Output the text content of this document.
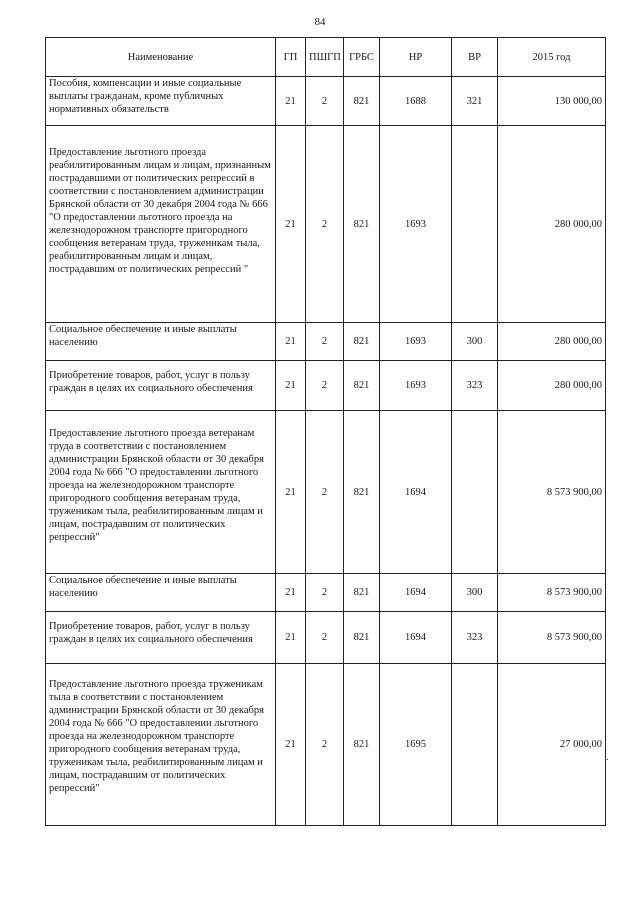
84
Наименование	ГП	ПШГП	ГРБС	НР	ВР	2015 год
Пособия, компенсации и иные социальные выплаты гражданам, кроме публичных нормативных обязательств	21	2	821	1688	321	130 000,00
Предоставление льготного проезда реабилитированным лицам и лицам, признанным пострадавшими от политических репрессий в соответствии с постановлением администрации Брянской области от 30 декабря 2004 года № 666 "О предоставлении льготного проезда на железнодорожном транспорте пригородного сообщения ветеранам труда, труженикам тыла, реабилитированным лицам и лицам, пострадавшим от политических репрессий "	21	2	821	1693		280 000,00
Социальное обеспечение и иные выплаты населению	21	2	821	1693	300	280 000,00
Приобретение товаров, работ, услуг в пользу граждан в целях их социального обеспечения	21	2	821	1693	323	280 000,00
Предоставление льготного проезда ветеранам труда в соответствии с постановлением администрации Брянской области от 30 декабря 2004 года № 666 "О предоставлении льготного проезда на железнодорожном транспорте пригородного сообщения ветеранам труда, труженикам тыла, реабилитированным лицам и лицам, пострадавшим от политических репрессий"	21	2	821	1694		8 573 900,00
Социальное обеспечение и иные выплаты населению	21	2	821	1694	300	8 573 900,00
Приобретение товаров, работ, услуг в пользу граждан в целях их социального обеспечения	21	2	821	1694	323	8 573 900,00
Предоставление льготного проезда труженикам тыла в соответствии с постановлением администрации Брянской области от 30 декабря 2004 года № 666 "О предоставлении льготного проезда на железнодорожном транспорте пригородного сообщения ветеранам труда, труженикам тыла, реабилитированным лицам и лицам, пострадавшим от политических репрессий"	21	2	821	1695		27 000,00
.
